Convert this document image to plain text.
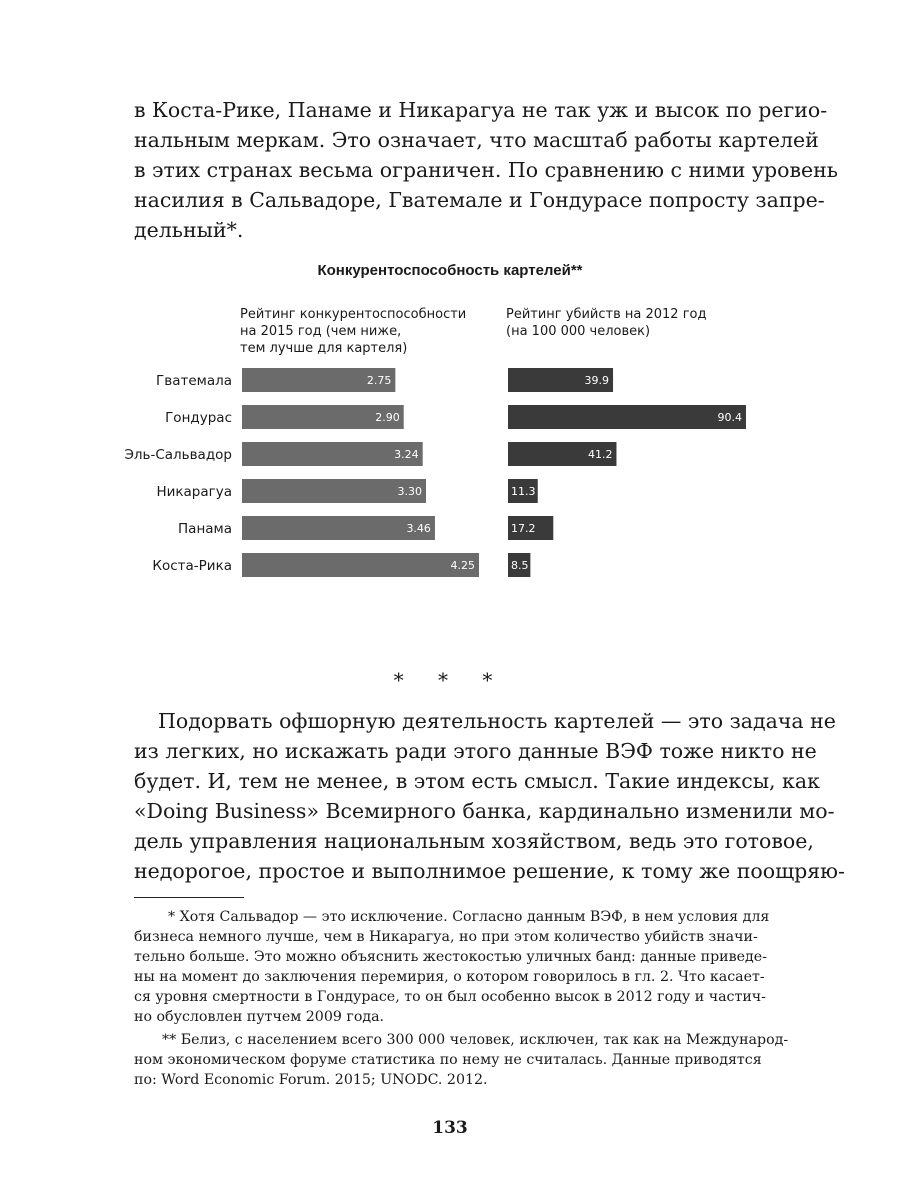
в Коста-Рике, Панаме и Никарагуа не так уж и высок по регио-
нальным меркам. Это означает, что масштаб работы картелей
в этих странах весьма ограничен. По сравнению с ними уровень
насилия в Сальвадоре, Гватемале и Гондурасе попросту запре-
дельный*.
Конкурентоспособность картелей**
Рейтинг конкурентоспособности
на 2015 год (чем ниже,
тем лучше для картеля)
Рейтинг убийств на 2012 год
(на 100 000 человек)
Гватемала	2.75	39.9
Гондурас	2.90	90.4
Эль-Сальвадор	3.24	41.2
Никарагуа	3.30	11.3
Панама	3.46	17.2
Коста-Рика	4.25	8.5
* * *
Подорвать офшорную деятельность картелей — это задача не
из легких, но искажать ради этого данные ВЭФ тоже никто не
будет. И, тем не менее, в этом есть смысл. Такие индексы, как
«Doing Business» Всемирного банка, кардинально изменили мо-
дель управления национальным хозяйством, ведь это готовое,
недорогое, простое и выполнимое решение, к тому же поощряю-
* Хотя Сальвадор — это исключение. Согласно данным ВЭФ, в нем условия для
бизнеса немного лучше, чем в Никарагуа, но при этом количество убийств значи-
тельно больше. Это можно объяснить жестокостью уличных банд: данные приведе-
ны на момент до заключения перемирия, о котором говорилось в гл. 2. Что касает-
ся уровня смертности в Гондурасе, то он был особенно высок в 2012 году и частич-
но обусловлен путчем 2009 года.
** Белиз, с населением всего 300 000 человек, исключен, так как на Международ-
ном экономическом форуме статистика по нему не считалась. Данные приводятся
по: Word Economic Forum. 2015; UNODC. 2012.
133
